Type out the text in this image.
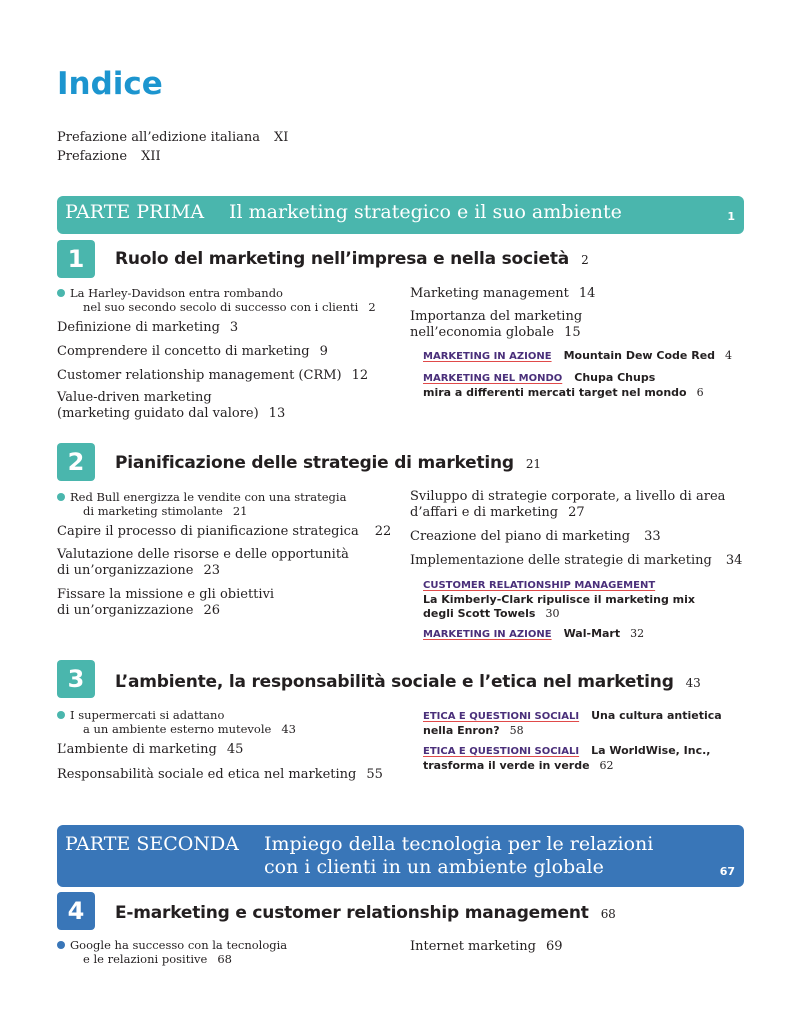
Indice
Prefazione all’edizione italiana XI
Prefazione XII
PARTE PRIMA Il marketing strategico e il suo ambiente	1
1	Ruolo del marketing nell’impresa e nella società 2
La Harley-Davidson entra rombando
nel suo secondo secolo di successo con i clienti 2
Definizione di marketing 3
Comprendere il concetto di marketing 9
Customer relationship management (CRM) 12
Value-driven marketing
(marketing guidato dal valore) 13
Marketing management 14
Importanza del marketing
nell’economia globale 15
MARKETING IN AZIONE Mountain Dew Code Red 4
MARKETING NEL MONDO Chupa Chups
mira a differenti mercati target nel mondo 6
2	Pianificazione delle strategie di marketing 21
Red Bull energizza le vendite con una strategia
di marketing stimolante 21
Capire il processo di pianificazione strategica 22
Valutazione delle risorse e delle opportunità
di un’organizzazione 23
Fissare la missione e gli obiettivi
di un’organizzazione 26
Sviluppo di strategie corporate, a livello di area
d’affari e di marketing 27
Creazione del piano di marketing 33
Implementazione delle strategie di marketing 34
CUSTOMER RELATIONSHIP MANAGEMENT
La Kimberly-Clark ripulisce il marketing mix
degli Scott Towels 30
MARKETING IN AZIONE Wal-Mart 32
3	L’ambiente, la responsabilità sociale e l’etica nel marketing 43
I supermercati si adattano
a un ambiente esterno mutevole 43
L’ambiente di marketing 45
Responsabilità sociale ed etica nel marketing 55
ETICA E QUESTIONI SOCIALI Una cultura antietica
nella Enron? 58
ETICA E QUESTIONI SOCIALI La WorldWise, Inc.,
trasforma il verde in verde 62
PARTE SECONDA Impiego della tecnologia per le relazioni
con i clienti in un ambiente globale	67
4	E-marketing e customer relationship management 68
Google ha successo con la tecnologia
e le relazioni positive 68
Internet marketing 69
